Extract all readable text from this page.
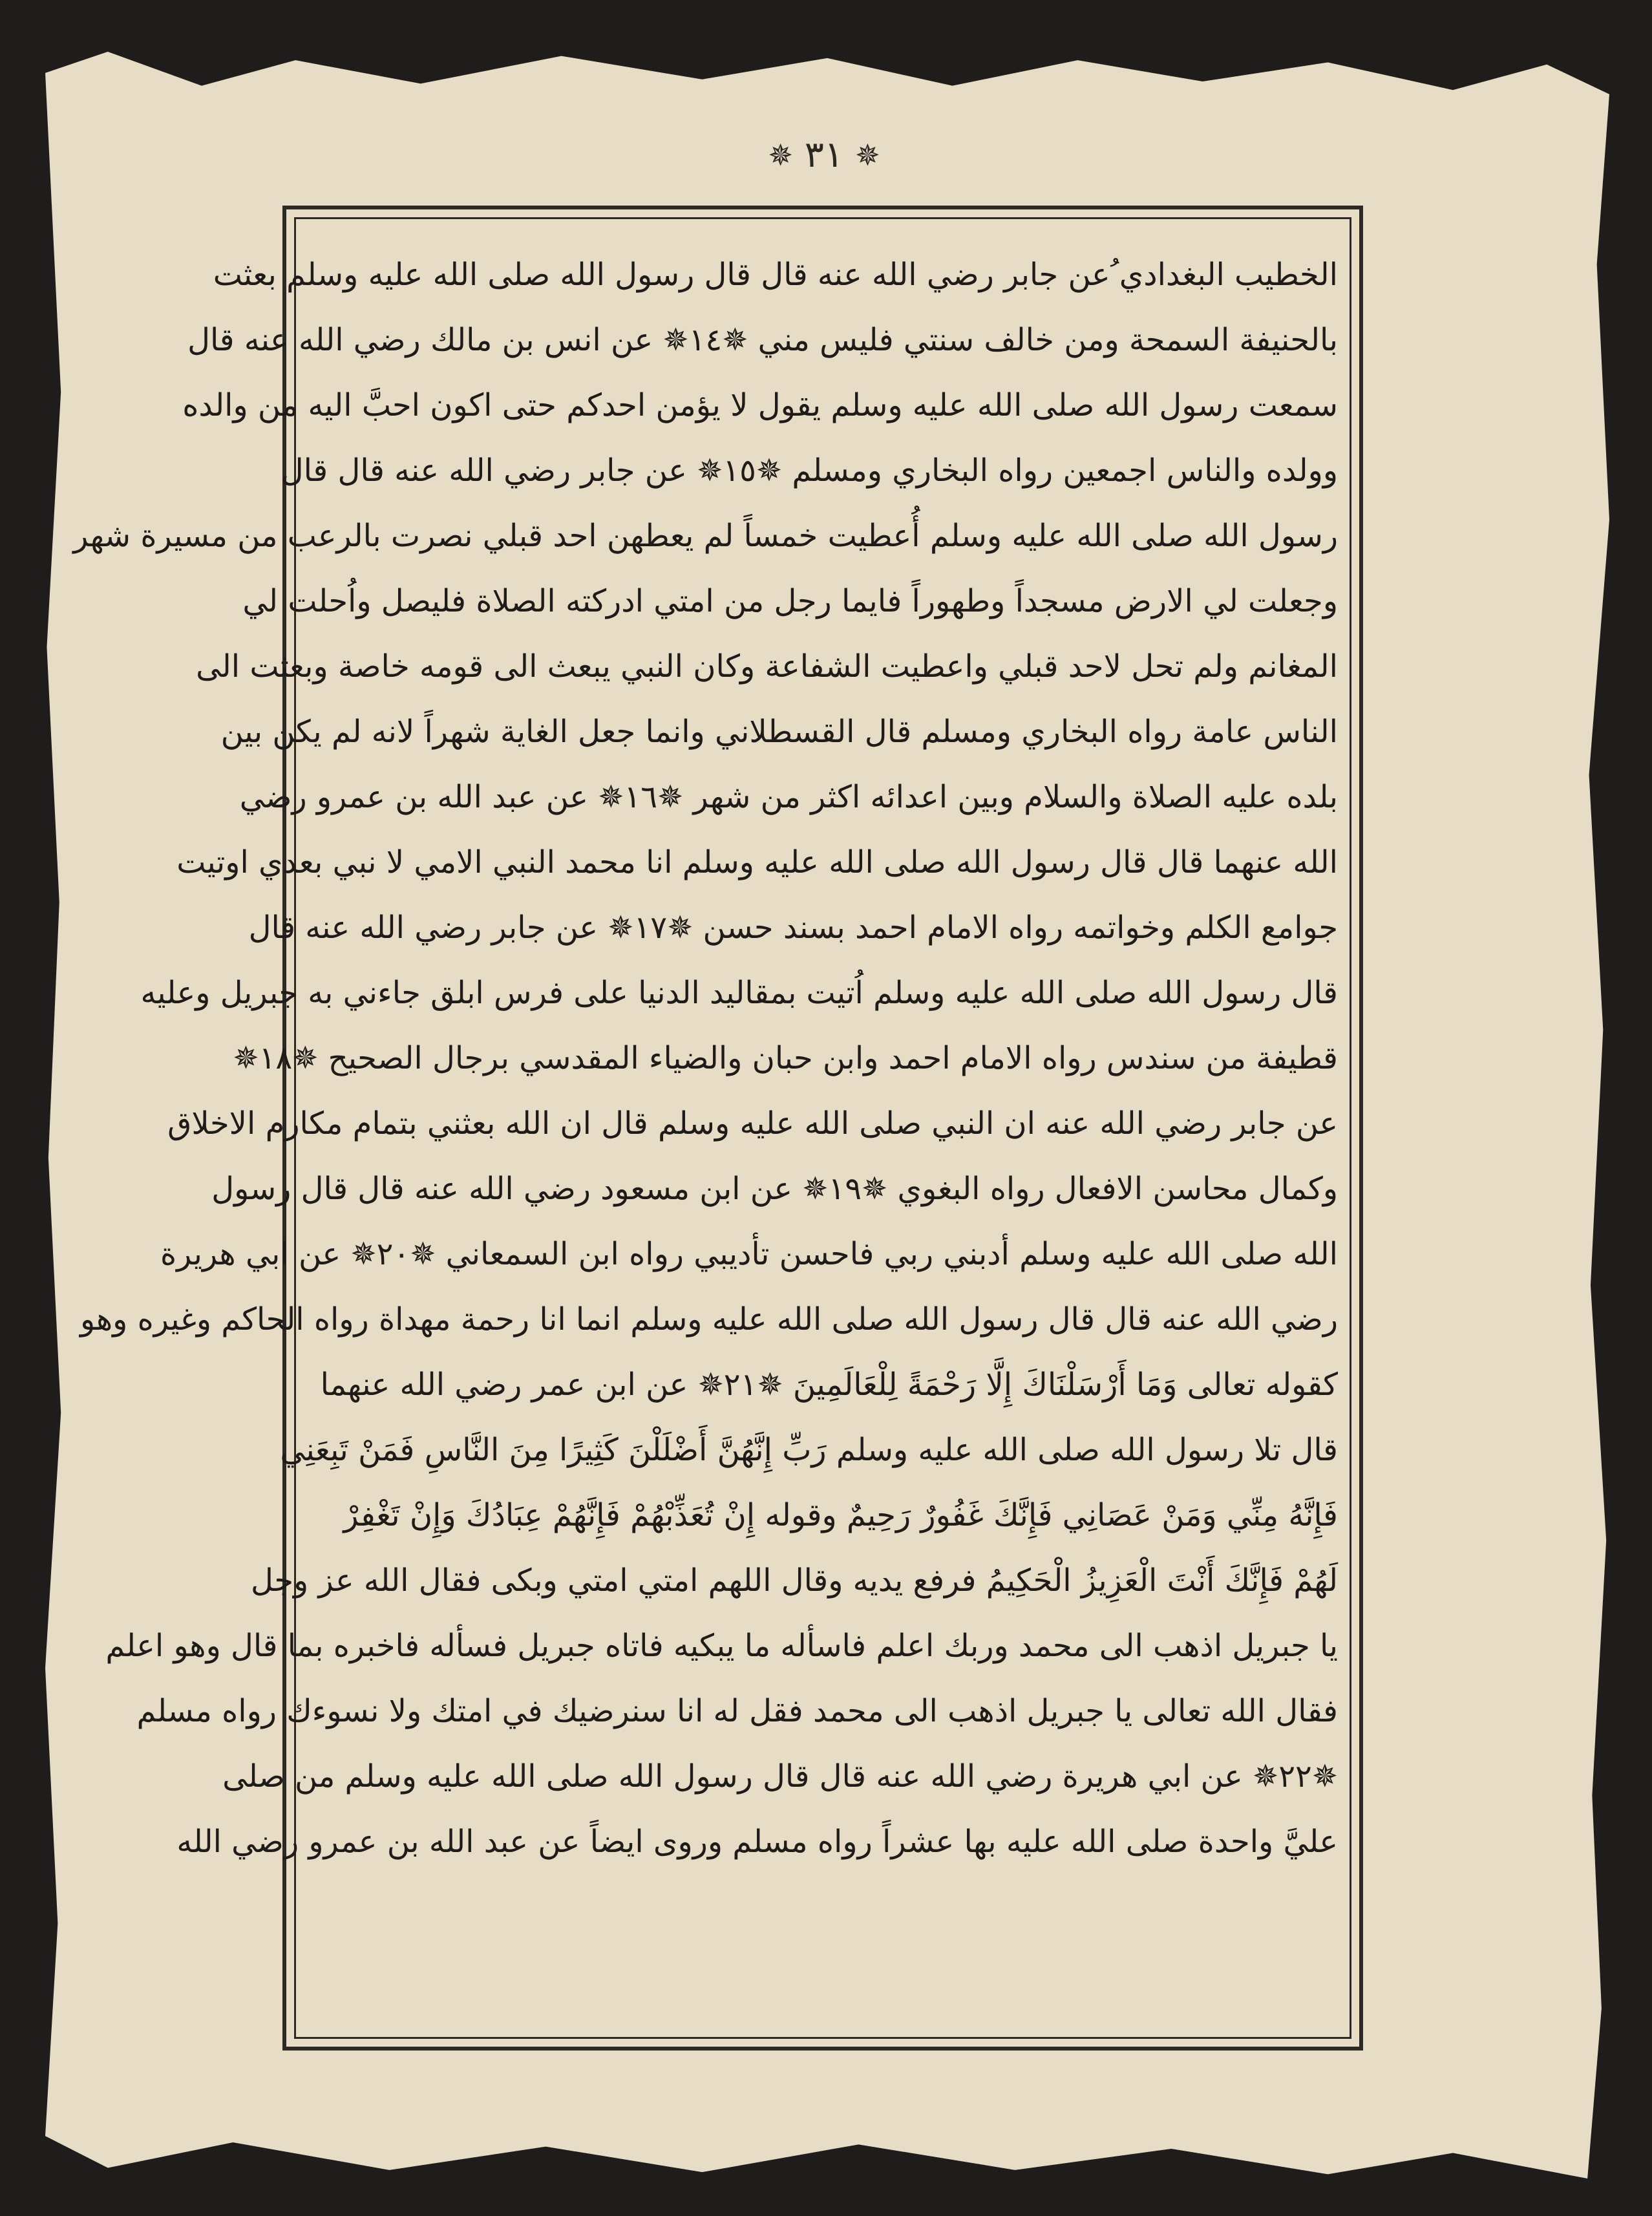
✵ ٣١ ✵
الخطيب البغدادي ُعن جابر رضي الله عنه قال قال رسول الله صلى الله عليه وسلم بعثت
بالحنيفة السمحة ومن خالف سنتي فليس مني ✵١٤✵ عن انس بن مالك رضي الله عنه قال
سمعت رسول الله صلى الله عليه وسلم يقول لا يؤمن احدكم حتى اكون احبَّ اليه من والده
وولده والناس اجمعين رواه البخاري ومسلم ✵١٥✵ عن جابر رضي الله عنه قال قال
رسول الله صلى الله عليه وسلم أُعطيت خمساً لم يعطهن احد قبلي نصرت بالرعب من مسيرة شهر
وجعلت لي الارض مسجداً وطهوراً فايما رجل من امتي ادركته الصلاة فليصل واُحلت لي
المغانم ولم تحل لاحد قبلي واعطيت الشفاعة وكان النبي يبعث الى قومه خاصة وبعثت الى
الناس عامة رواه البخاري ومسلم قال القسطلاني وانما جعل الغاية شهراً لانه لم يكن بين
بلده عليه الصلاة والسلام وبين اعدائه اكثر من شهر ✵١٦✵ عن عبد الله بن عمرو رضي
الله عنهما قال قال رسول الله صلى الله عليه وسلم انا محمد النبي الامي لا نبي بعدي اوتيت
جوامع الكلم وخواتمه رواه الامام احمد بسند حسن ✵١٧✵ عن جابر رضي الله عنه قال
قال رسول الله صلى الله عليه وسلم اُتيت بمقاليد الدنيا على فرس ابلق جاءني به جبريل وعليه
قطيفة من سندس رواه الامام احمد وابن حبان والضياء المقدسي برجال الصحيح ✵١٨✵
عن جابر رضي الله عنه ان النبي صلى الله عليه وسلم قال ان الله بعثني بتمام مكارم الاخلاق
وكمال محاسن الافعال رواه البغوي ✵١٩✵ عن ابن مسعود رضي الله عنه قال قال رسول
الله صلى الله عليه وسلم أدبني ربي فاحسن تأديبي رواه ابن السمعاني ✵٢٠✵ عن ابي هريرة
رضي الله عنه قال قال رسول الله صلى الله عليه وسلم انما انا رحمة مهداة رواه الحاكم وغيره وهو
كقوله تعالى وَمَا أَرْسَلْنَاكَ إِلَّا رَحْمَةً لِلْعَالَمِينَ ✵٢١✵ عن ابن عمر رضي الله عنهما
قال تلا رسول الله صلى الله عليه وسلم رَبِّ إِنَّهُنَّ أَضْلَلْنَ كَثِيرًا مِنَ النَّاسِ فَمَنْ تَبِعَنِي
فَإِنَّهُ مِنِّي وَمَنْ عَصَانِي فَإِنَّكَ غَفُورٌ رَحِيمٌ وقوله إِنْ تُعَذِّبْهُمْ فَإِنَّهُمْ عِبَادُكَ وَإِنْ تَغْفِرْ
لَهُمْ فَإِنَّكَ أَنْتَ الْعَزِيزُ الْحَكِيمُ فرفع يديه وقال اللهم امتي امتي وبكى فقال الله عز وجل
يا جبريل اذهب الى محمد وربك اعلم فاسأله ما يبكيه فاتاه جبريل فسأله فاخبره بما قال وهو اعلم
فقال الله تعالى يا جبريل اذهب الى محمد فقل له انا سنرضيك في امتك ولا نسوءك رواه مسلم
✵٢٢✵ عن ابي هريرة رضي الله عنه قال قال رسول الله صلى الله عليه وسلم من صلى
عليَّ واحدة صلى الله عليه بها عشراً رواه مسلم وروى ايضاً عن عبد الله بن عمرو رضي الله
